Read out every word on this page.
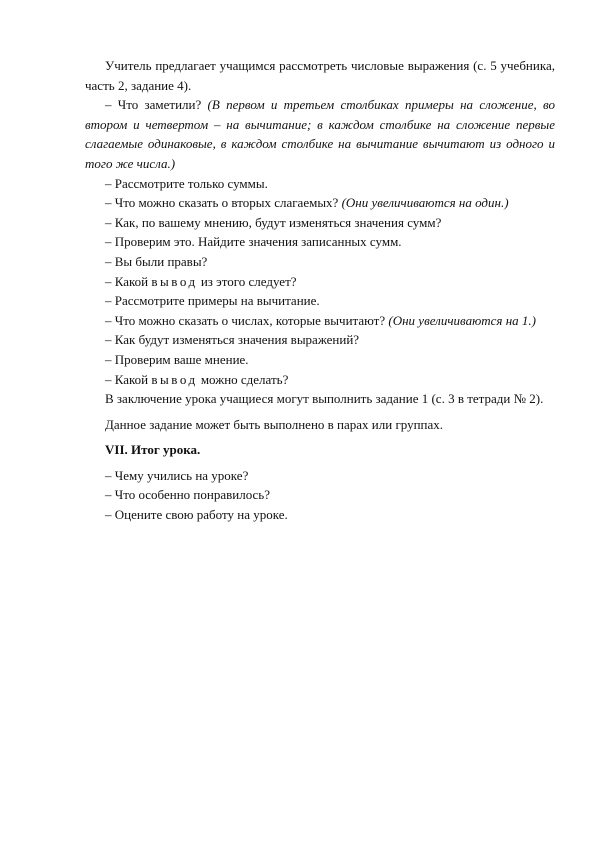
Учитель предлагает учащимся рассмотреть числовые выражения (с. 5 учебника, часть 2, задание 4).

– Что заметили? (В первом и третьем столбиках примеры на сложение, во втором и четвертом – на вычитание; в каждом столбике на сложение первые слагаемые одинаковые, в каждом столбике на вычитание вычитают из одного и того же числа.)

– Рассмотрите только суммы.

– Что можно сказать о вторых слагаемых? (Они увеличиваются на один.)

– Как, по вашему мнению, будут изменяться значения сумм?

– Проверим это. Найдите значения записанных сумм.

– Вы были правы?

– Какой вывод из этого следует?

– Рассмотрите примеры на вычитание.

– Что можно сказать о числах, которые вычитают? (Они увеличиваются на 1.)

– Как будут изменяться значения выражений?

– Проверим ваше мнение.

– Какой вывод можно сделать?

В заключение урока учащиеся могут выполнить задание 1 (с. 3 в тетради № 2).

Данное задание может быть выполнено в парах или группах.

VII. Итог урока.

– Чему учились на уроке?

– Что особенно понравилось?

– Оцените свою работу на уроке.
